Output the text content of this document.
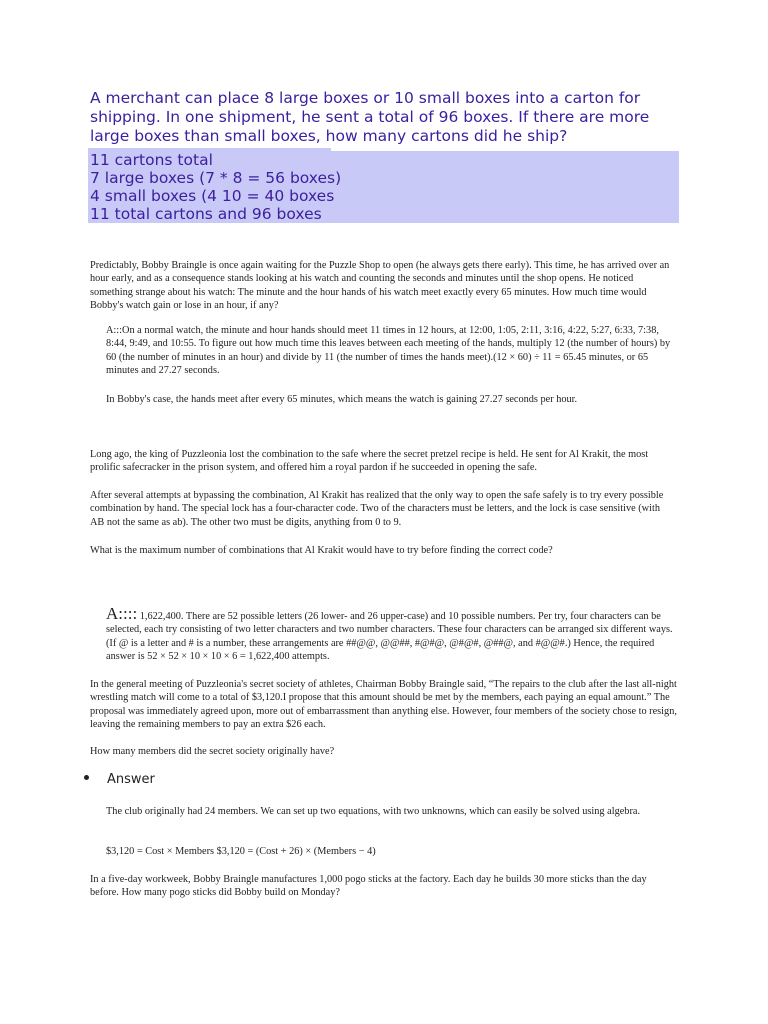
A merchant can place 8 large boxes or 10 small boxes into a carton for shipping. In one shipment, he sent a total of 96 boxes. If there are more large boxes than small boxes, how many cartons did he ship?
11 cartons total
7 large boxes (7 * 8 = 56 boxes)
4 small boxes (4 10 = 40 boxes
11 total cartons and 96 boxes
Predictably, Bobby Braingle is once again waiting for the Puzzle Shop to open (he always gets there early). This time, he has arrived over an hour early, and as a consequence stands looking at his watch and counting the seconds and minutes until the shop opens. He noticed something strange about his watch: The minute and the hour hands of his watch meet exactly every 65 minutes. How much time would Bobby's watch gain or lose in an hour, if any?
A:::On a normal watch, the minute and hour hands should meet 11 times in 12 hours, at 12:00, 1:05, 2:11, 3:16, 4:22, 5:27, 6:33, 7:38, 8:44, 9:49, and 10:55. To figure out how much time this leaves between each meeting of the hands, multiply 12 (the number of hours) by 60 (the number of minutes in an hour) and divide by 11 (the number of times the hands meet).(12 × 60) ÷ 11 = 65.45 minutes, or 65 minutes and 27.27 seconds.
In Bobby's case, the hands meet after every 65 minutes, which means the watch is gaining 27.27 seconds per hour.
Long ago, the king of Puzzleonia lost the combination to the safe where the secret pretzel recipe is held. He sent for Al Krakit, the most prolific safecracker in the prison system, and offered him a royal pardon if he succeeded in opening the safe.
After several attempts at bypassing the combination, Al Krakit has realized that the only way to open the safe safely is to try every possible combination by hand. The special lock has a four-character code. Two of the characters must be letters, and the lock is case sensitive (with AB not the same as ab). The other two must be digits, anything from 0 to 9.
What is the maximum number of combinations that Al Krakit would have to try before finding the correct code?
A:::: 1,622,400. There are 52 possible letters (26 lower- and 26 upper-case) and 10 possible numbers. Per try, four characters can be selected, each try consisting of two letter characters and two number characters. These four characters can be arranged six different ways. (If @ is a letter and # is a number, these arrangements are ##@@, @@##, #@#@, @#@#, @##@, and #@@#.) Hence, the required answer is 52 × 52 × 10 × 10 × 6 = 1,622,400 attempts.
In the general meeting of Puzzleonia's secret society of athletes, Chairman Bobby Braingle said, “The repairs to the club after the last all-night wrestling match will come to a total of $3,120.I propose that this amount should be met by the members, each paying an equal amount.” The proposal was immediately agreed upon, more out of embarrassment than anything else. However, four members of the society chose to resign, leaving the remaining members to pay an extra $26 each.
How many members did the secret society originally have?
Answer
The club originally had 24 members. We can set up two equations, with two unknowns, which can easily be solved using algebra.
$3,120 = Cost × Members $3,120 = (Cost + 26) × (Members − 4)
In a five-day workweek, Bobby Braingle manufactures 1,000 pogo sticks at the factory. Each day he builds 30 more sticks than the day before. How many pogo sticks did Bobby build on Monday?
